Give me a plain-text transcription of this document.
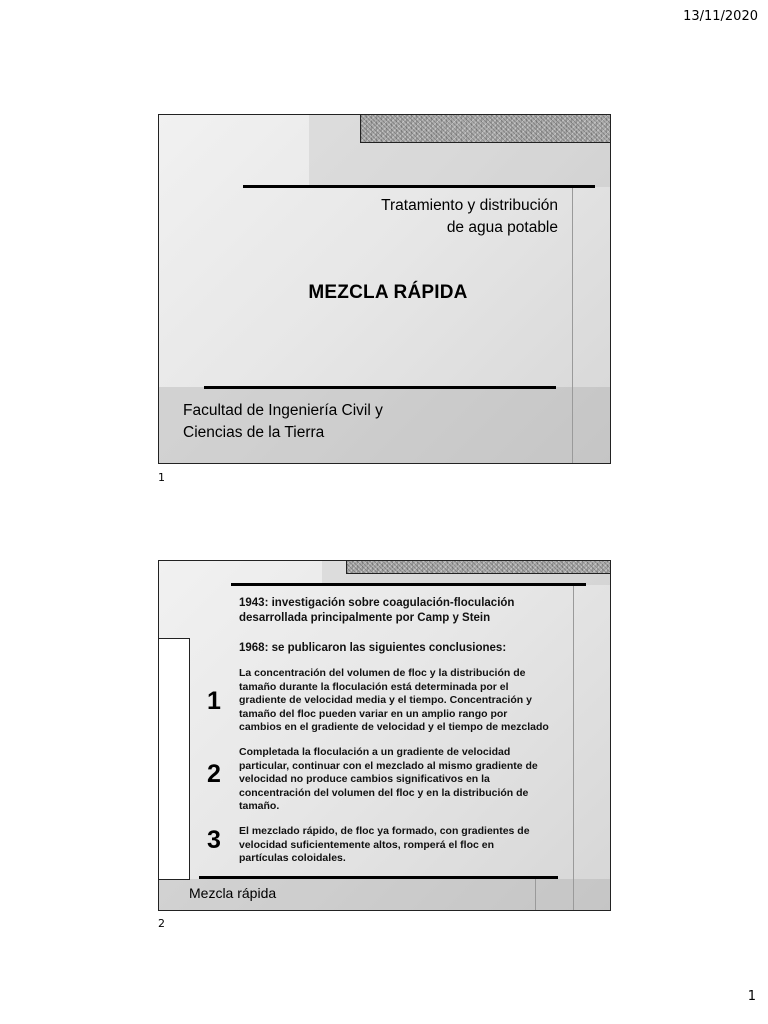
13/11/2020
Tratamiento y distribución
de agua potable
MEZCLA RÁPIDA
Facultad de Ingeniería Civil y
Ciencias de la Tierra
1
1943: investigación sobre coagulación-floculación
desarrollada principalmente por Camp y Stein
1968: se publicaron las siguientes conclusiones:
1
La concentración del volumen de floc y la distribución de
tamaño durante la floculación está determinada por el
gradiente de velocidad media y el tiempo. Concentración y
tamaño del floc pueden variar en un amplio rango por
cambios en el gradiente de velocidad y el tiempo de mezclado
2
Completada la floculación a un gradiente de velocidad
particular, continuar con el mezclado al mismo gradiente de
velocidad no produce cambios significativos en la
concentración del volumen del floc y en la distribución de
tamaño.
3 El mezclado rápido, de floc ya formado, con gradientes de
velocidad suficientemente altos, romperá el floc en
partículas coloidales.
Mezcla rápida
2
1
